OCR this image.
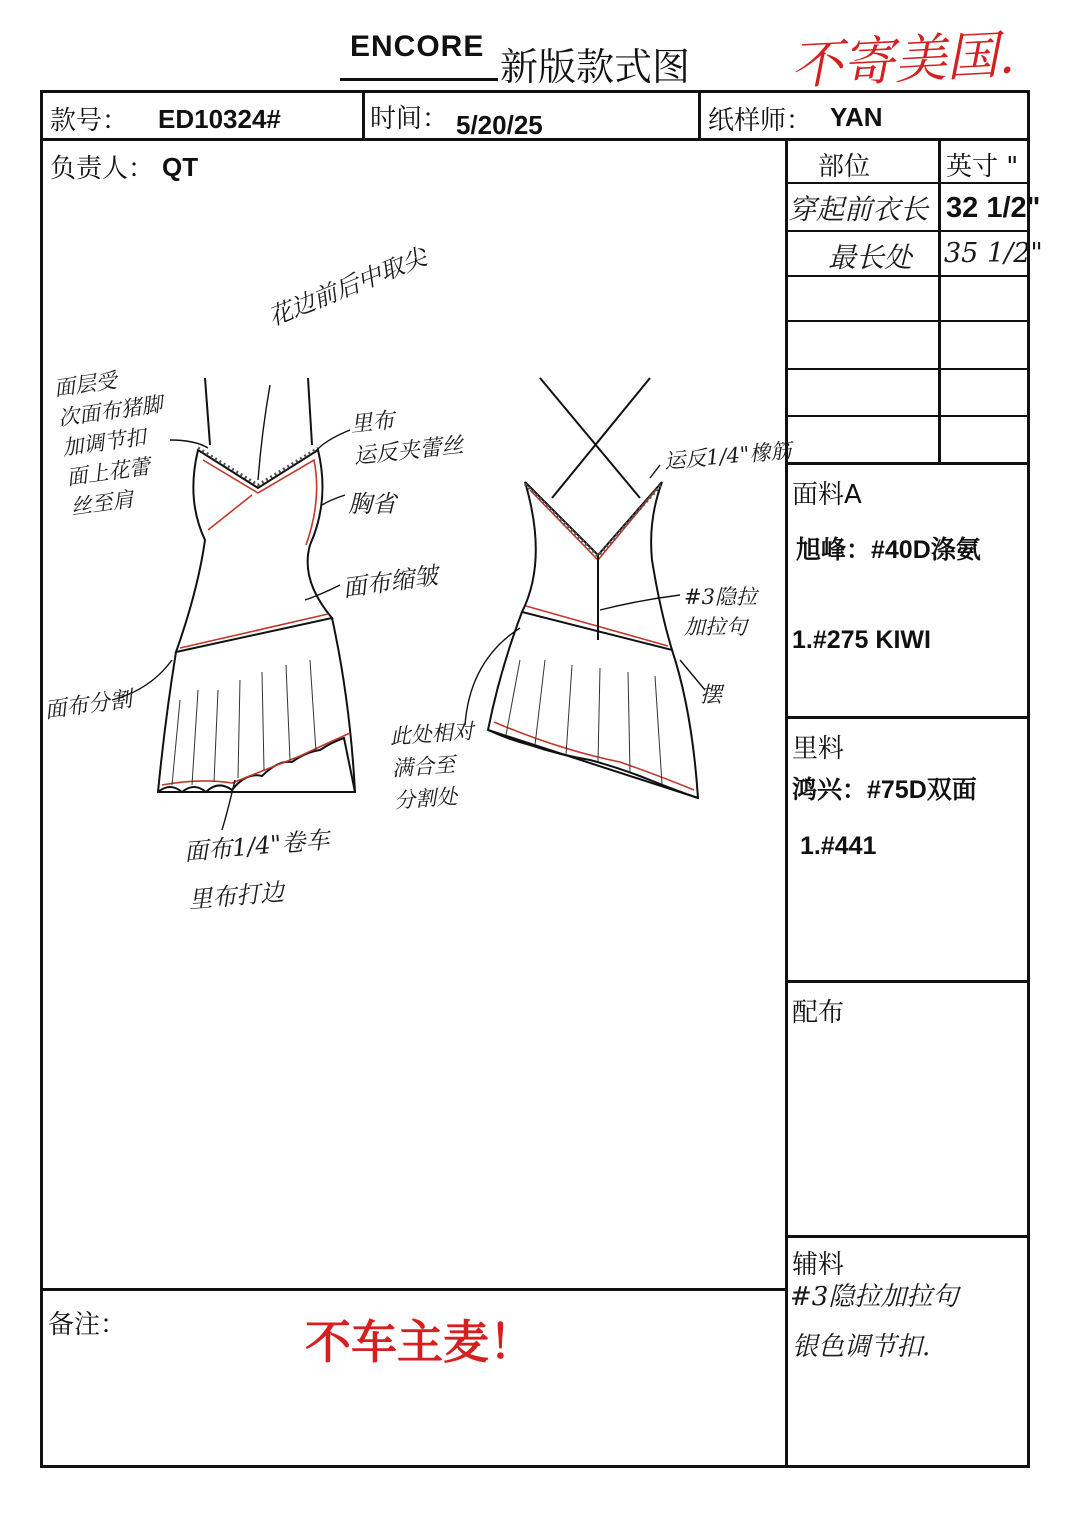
ENCORE 新版款式图 不寄美国.
款号： ED10324#	时间： 5/20/25	纸样师： YAN
负责人： QT	部位	英寸 "
穿起前衣长 32 1/2"
最长处 35 1/2"
面料A
旭峰：#40D涤氨
1.#275 KIWI
里料
鸿兴：#75D双面
1.#441
配布
辅料
#3隐拉加拉句
银色调节扣.
备注：	不车主麦！
花边前后中取尖
面层受
次面布猪脚
加调节扣
面上花蕾
丝至肩
里布
运反夹蕾丝
胸省
面布缩皱
面布分割
面布1/4"卷车
里布打边
运反1/4"橡筋
#3隐拉
加拉句
摆
此处相对
满合至
分割处
